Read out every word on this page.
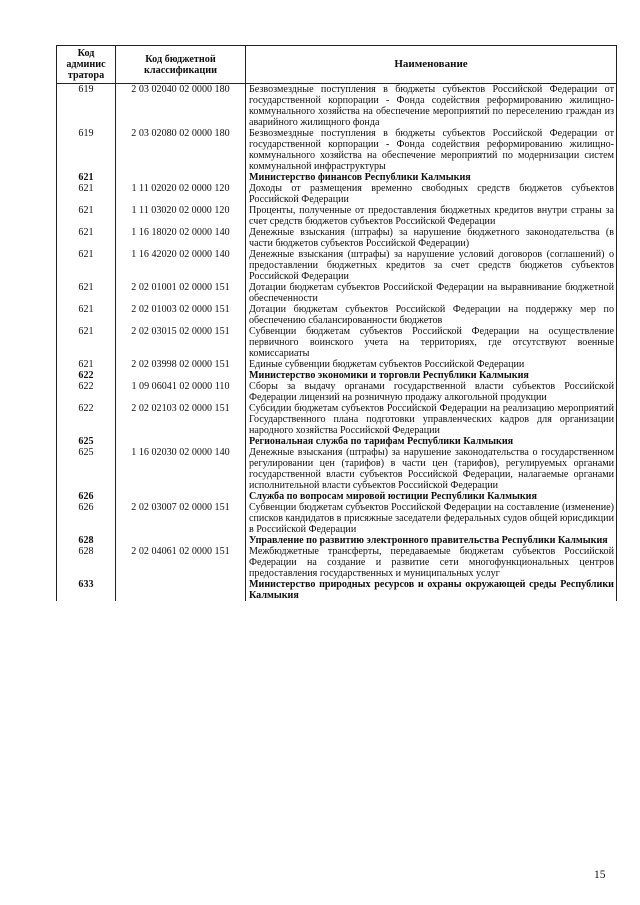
Код админис тратора	Код бюджетной классификации	Наименование
619	2 03 02040 02 0000 180	Безвозмездные поступления в бюджеты субъектов Российской Федерации от государственной корпорации - Фонда содействия реформированию жилищно-коммунального хозяйства на обеспечение мероприятий по переселению граждан из аварийного жилищного фонда
619	2 03 02080 02 0000 180	Безвозмездные поступления в бюджеты субъектов Российской Федерации от государственной корпорации - Фонда содействия реформированию жилищно-коммунального хозяйства на обеспечение мероприятий по модернизации систем коммунальной инфраструктуры
621		Министерство финансов Республики Калмыкия
621	1 11 02020 02 0000 120	Доходы от размещения временно свободных средств бюджетов субъектов Российской Федерации
621	1 11 03020 02 0000 120	Проценты, полученные от предоставления бюджетных кредитов внутри страны за счет средств бюджетов субъектов Российской Федерации
621	1 16 18020 02 0000 140	Денежные взыскания (штрафы) за нарушение бюджетного законодательства (в части бюджетов субъектов Российской Федерации)
621	1 16 42020 02 0000 140	Денежные взыскания (штрафы) за нарушение условий договоров (соглашений) о предоставлении бюджетных кредитов за счет средств бюджетов субъектов Российской Федерации
621	2 02 01001 02 0000 151	Дотации бюджетам субъектов Российской Федерации на выравнивание бюджетной обеспеченности
621	2 02 01003 02 0000 151	Дотации бюджетам субъектов Российской Федерации на поддержку мер по обеспечению сбалансированности бюджетов
621	2 02 03015 02 0000 151	Субвенции бюджетам субъектов Российской Федерации на осуществление первичного воинского учета на территориях, где отсутствуют военные комиссариаты
621	2 02 03998 02 0000 151	Единые субвенции бюджетам субъектов Российской Федерации
622		Министерство экономики и торговли Республики Калмыкия
622	1 09 06041 02 0000 110	Сборы за выдачу органами государственной власти субъектов Российской Федерации лицензий на розничную продажу алкогольной продукции
622	2 02 02103 02 0000 151	Субсидии бюджетам субъектов Российской Федерации на реализацию мероприятий Государственного плана подготовки управленческих кадров для организации народного хозяйства Российской Федерации
625		Региональная служба по тарифам Республики Калмыкия
625	1 16 02030 02 0000 140	Денежные взыскания (штрафы) за нарушение законодательства о государственном регулировании цен (тарифов) в части цен (тарифов), регулируемых органами государственной власти субъектов Российской Федерации, налагаемые органами исполнительной власти субъектов Российской Федерации
626		Служба по вопросам мировой юстиции Республики Калмыкия
626	2 02 03007 02 0000 151	Субвенции бюджетам субъектов Российской Федерации на составление (изменение) списков кандидатов в присяжные заседатели федеральных судов общей юрисдикции в Российской Федерации
628		Управление по развитию электронного правительства Республики Калмыкия
628	2 02 04061 02 0000 151	Межбюджетные трансферты, передаваемые бюджетам субъектов Российской Федерации на создание и развитие сети многофункциональных центров предоставления государственных и муниципальных услуг
633		Министерство природных ресурсов и охраны окружающей среды Республики Калмыкия
15
